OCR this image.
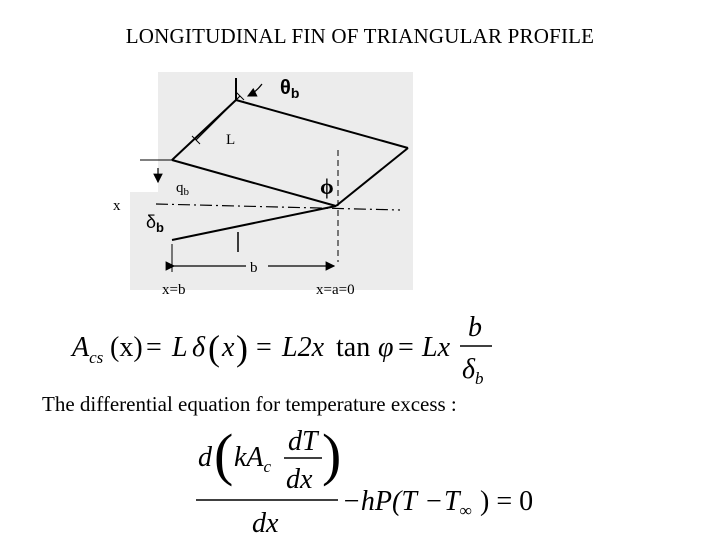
LONGITUDINAL FIN OF TRIANGULAR PROFILE
$\theta_b$
L
$q_b$	ϕ
x
$\delta_b$
b
x=b	x=a=0
$A_{cs}$ (x) = L δ ( x ) = L2x tan φ = Lx
b
$\delta_b$
The differential equation for temperature excess :
d ( $kA_c$
dT
dx )
dx
$-hP(T - T_\infty$ ) = 0
